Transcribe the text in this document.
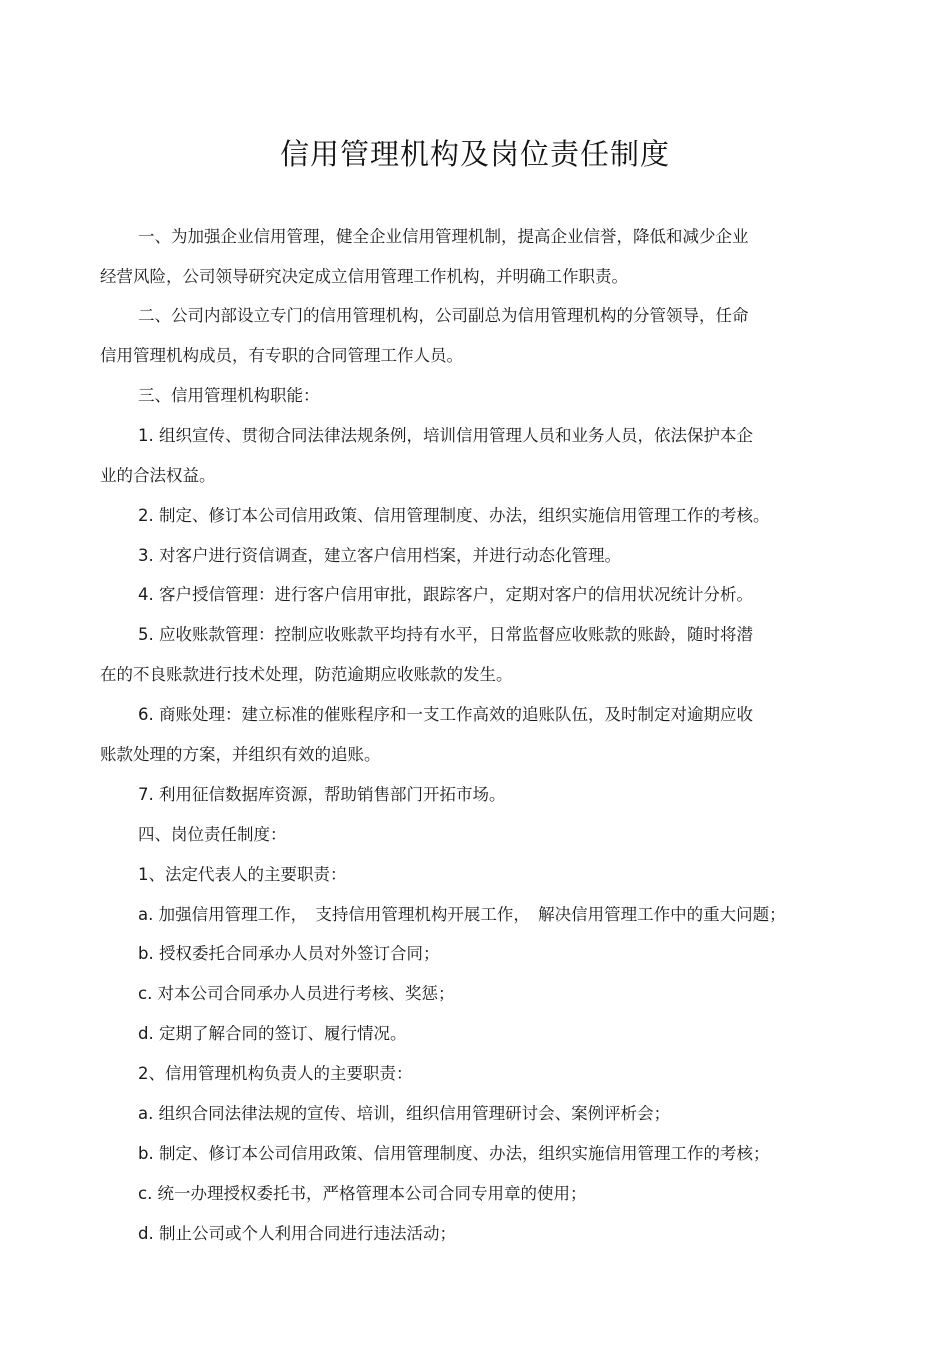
信用管理机构及岗位责任制度
一、为加强企业信用管理，健全企业信用管理机制，提高企业信誉，降低和减少企业
经营风险，公司领导研究决定成立信用管理工作机构，并明确工作职责。
二、公司内部设立专门的信用管理机构，公司副总为信用管理机构的分管领导，任命
信用管理机构成员，有专职的合同管理工作人员。
三、信用管理机构职能：
1. 组织宣传、贯彻合同法律法规条例，培训信用管理人员和业务人员，依法保护本企
业的合法权益。
2. 制定、修订本公司信用政策、信用管理制度、办法，组织实施信用管理工作的考核。
3. 对客户进行资信调查，建立客户信用档案，并进行动态化管理。
4. 客户授信管理：进行客户信用审批，跟踪客户，定期对客户的信用状况统计分析。
5. 应收账款管理：控制应收账款平均持有水平，日常监督应收账款的账龄，随时将潜
在的不良账款进行技术处理，防范逾期应收账款的发生。
6. 商账处理：建立标准的催账程序和一支工作高效的追账队伍，及时制定对逾期应收
账款处理的方案，并组织有效的追账。
7. 利用征信数据库资源，帮助销售部门开拓市场。
四、岗位责任制度：
1、法定代表人的主要职责：
a. 加强信用管理工作，　支持信用管理机构开展工作，　解决信用管理工作中的重大问题；
b. 授权委托合同承办人员对外签订合同；
c. 对本公司合同承办人员进行考核、奖惩；
d. 定期了解合同的签订、履行情况。
2、信用管理机构负责人的主要职责：
a. 组织合同法律法规的宣传、培训，组织信用管理研讨会、案例评析会；
b. 制定、修订本公司信用政策、信用管理制度、办法，组织实施信用管理工作的考核；
c. 统一办理授权委托书，严格管理本公司合同专用章的使用；
d. 制止公司或个人利用合同进行违法活动；
